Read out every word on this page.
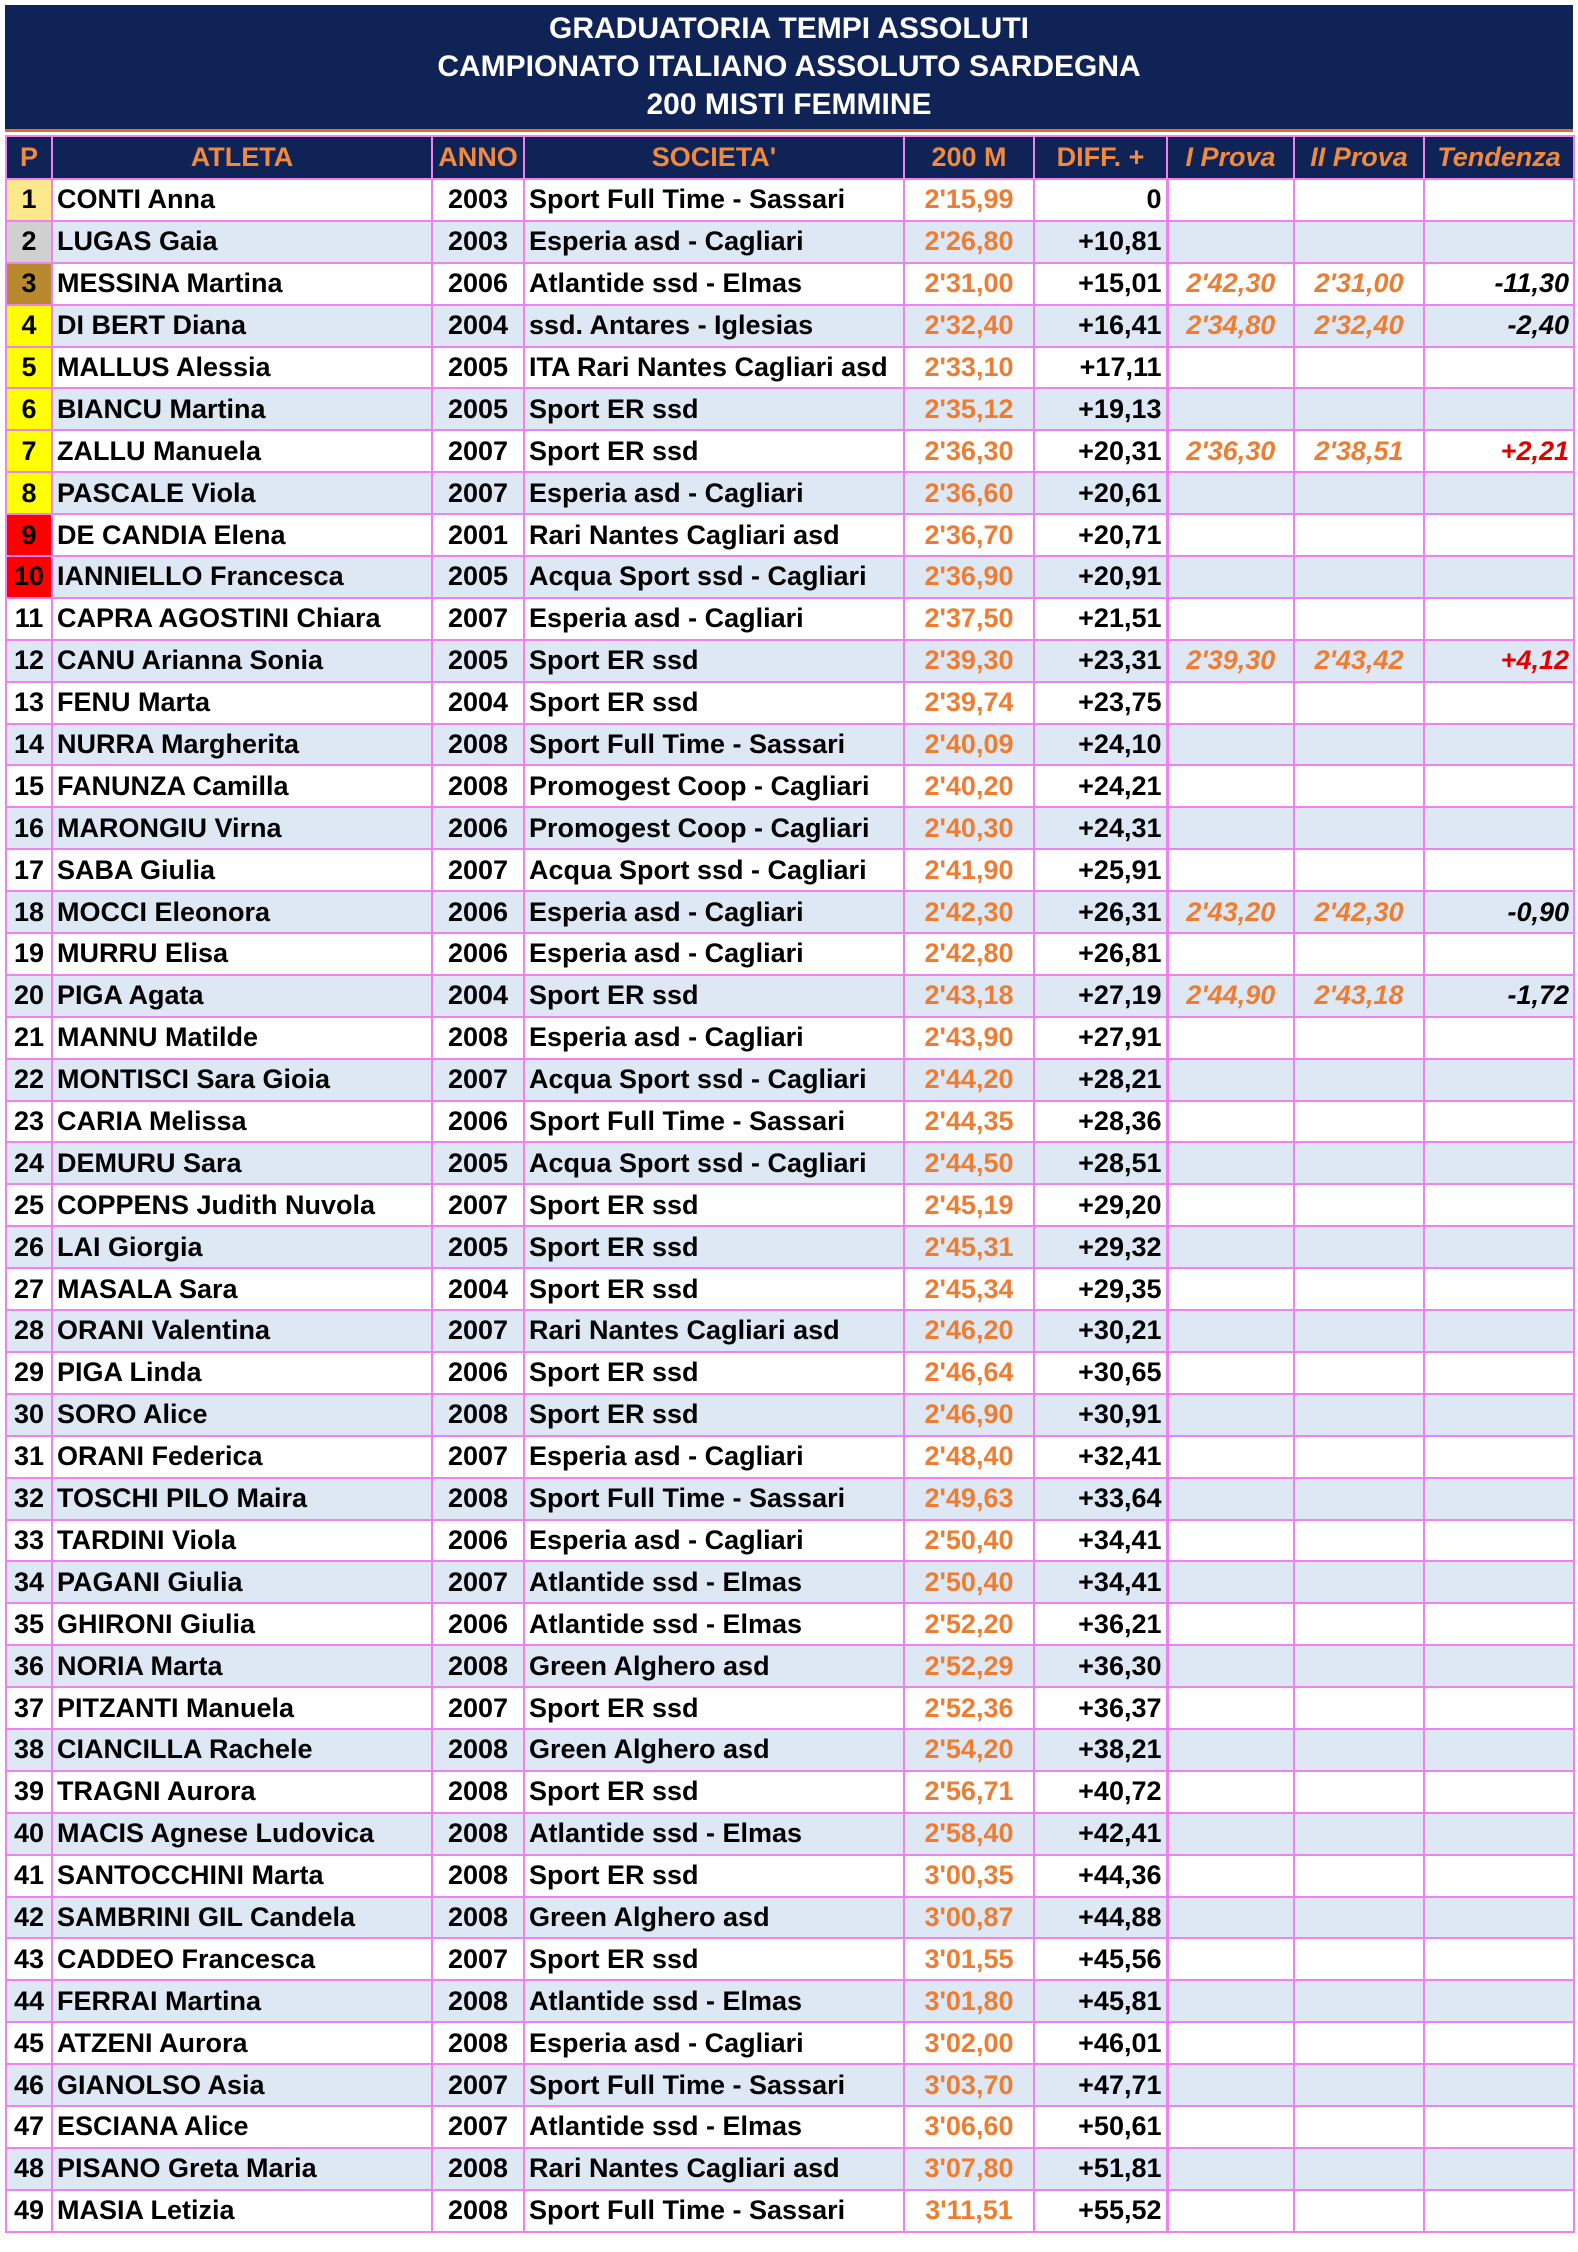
GRADUATORIA TEMPI ASSOLUTI
CAMPIONATO ITALIANO ASSOLUTO SARDEGNA
200 MISTI FEMMINE
P	ATLETA	ANNO	SOCIETA'	200 M	DIFF. +	I Prova	II Prova	Tendenza
1	CONTI Anna	2003	Sport Full Time - Sassari	2'15,99	0			
2	LUGAS Gaia	2003	Esperia asd - Cagliari	2'26,80	+10,81			
3	MESSINA Martina	2006	Atlantide ssd - Elmas	2'31,00	+15,01	2'42,30	2'31,00	-11,30
4	DI BERT Diana	2004	ssd. Antares - Iglesias	2'32,40	+16,41	2'34,80	2'32,40	-2,40
5	MALLUS Alessia	2005	ITA Rari Nantes Cagliari asd	2'33,10	+17,11			
6	BIANCU Martina	2005	Sport ER ssd	2'35,12	+19,13			
7	ZALLU Manuela	2007	Sport ER ssd	2'36,30	+20,31	2'36,30	2'38,51	+2,21
8	PASCALE Viola	2007	Esperia asd - Cagliari	2'36,60	+20,61			
9	DE CANDIA Elena	2001	Rari Nantes Cagliari asd	2'36,70	+20,71			
10	IANNIELLO Francesca	2005	Acqua Sport ssd - Cagliari	2'36,90	+20,91			
11	CAPRA AGOSTINI Chiara	2007	Esperia asd - Cagliari	2'37,50	+21,51			
12	CANU Arianna Sonia	2005	Sport ER ssd	2'39,30	+23,31	2'39,30	2'43,42	+4,12
13	FENU Marta	2004	Sport ER ssd	2'39,74	+23,75			
14	NURRA Margherita	2008	Sport Full Time - Sassari	2'40,09	+24,10			
15	FANUNZA Camilla	2008	Promogest Coop - Cagliari	2'40,20	+24,21			
16	MARONGIU Virna	2006	Promogest Coop - Cagliari	2'40,30	+24,31			
17	SABA Giulia	2007	Acqua Sport ssd - Cagliari	2'41,90	+25,91			
18	MOCCI Eleonora	2006	Esperia asd - Cagliari	2'42,30	+26,31	2'43,20	2'42,30	-0,90
19	MURRU Elisa	2006	Esperia asd - Cagliari	2'42,80	+26,81			
20	PIGA Agata	2004	Sport ER ssd	2'43,18	+27,19	2'44,90	2'43,18	-1,72
21	MANNU Matilde	2008	Esperia asd - Cagliari	2'43,90	+27,91			
22	MONTISCI Sara Gioia	2007	Acqua Sport ssd - Cagliari	2'44,20	+28,21			
23	CARIA Melissa	2006	Sport Full Time - Sassari	2'44,35	+28,36			
24	DEMURU Sara	2005	Acqua Sport ssd - Cagliari	2'44,50	+28,51			
25	COPPENS Judith Nuvola	2007	Sport ER ssd	2'45,19	+29,20			
26	LAI Giorgia	2005	Sport ER ssd	2'45,31	+29,32			
27	MASALA Sara	2004	Sport ER ssd	2'45,34	+29,35			
28	ORANI Valentina	2007	Rari Nantes Cagliari asd	2'46,20	+30,21			
29	PIGA Linda	2006	Sport ER ssd	2'46,64	+30,65			
30	SORO Alice	2008	Sport ER ssd	2'46,90	+30,91			
31	ORANI Federica	2007	Esperia asd - Cagliari	2'48,40	+32,41			
32	TOSCHI PILO Maira	2008	Sport Full Time - Sassari	2'49,63	+33,64			
33	TARDINI Viola	2006	Esperia asd - Cagliari	2'50,40	+34,41			
34	PAGANI Giulia	2007	Atlantide ssd - Elmas	2'50,40	+34,41			
35	GHIRONI Giulia	2006	Atlantide ssd - Elmas	2'52,20	+36,21			
36	NORIA Marta	2008	Green Alghero asd	2'52,29	+36,30			
37	PITZANTI Manuela	2007	Sport ER ssd	2'52,36	+36,37			
38	CIANCILLA Rachele	2008	Green Alghero asd	2'54,20	+38,21			
39	TRAGNI Aurora	2008	Sport ER ssd	2'56,71	+40,72			
40	MACIS Agnese Ludovica	2008	Atlantide ssd - Elmas	2'58,40	+42,41			
41	SANTOCCHINI Marta	2008	Sport ER ssd	3'00,35	+44,36			
42	SAMBRINI GIL Candela	2008	Green Alghero asd	3'00,87	+44,88			
43	CADDEO Francesca	2007	Sport ER ssd	3'01,55	+45,56			
44	FERRAI Martina	2008	Atlantide ssd - Elmas	3'01,80	+45,81			
45	ATZENI Aurora	2008	Esperia asd - Cagliari	3'02,00	+46,01			
46	GIANOLSO Asia	2007	Sport Full Time - Sassari	3'03,70	+47,71			
47	ESCIANA Alice	2007	Atlantide ssd - Elmas	3'06,60	+50,61			
48	PISANO Greta Maria	2008	Rari Nantes Cagliari asd	3'07,80	+51,81			
49	MASIA Letizia	2008	Sport Full Time - Sassari	3'11,51	+55,52			
